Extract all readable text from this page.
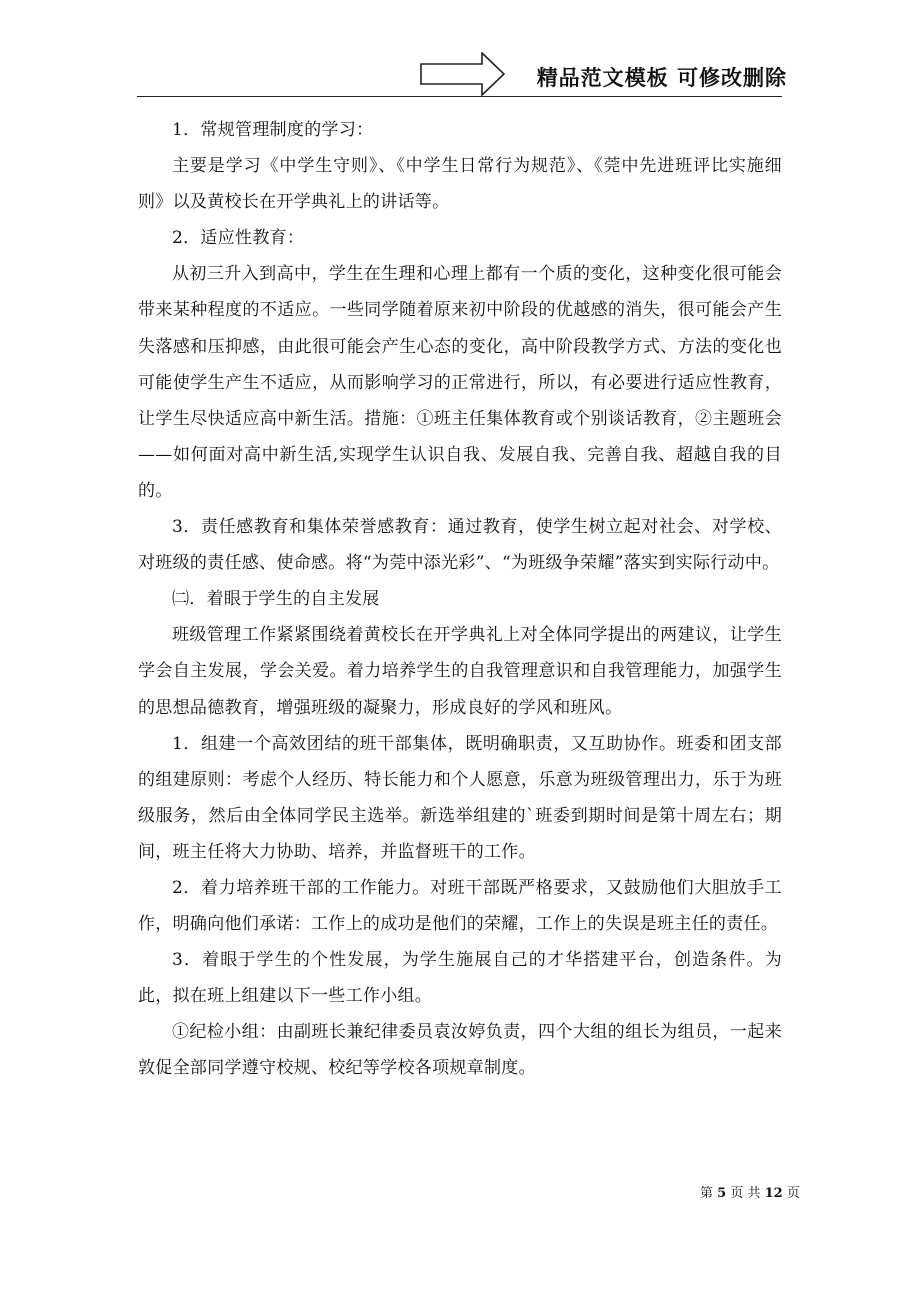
精品范文模板 可修改删除

1．常规管理制度的学习：

主要是学习《中学生守则》、《中学生日常行为规范》、《莞中先进班评比实施细则》以及黄校长在开学典礼上的讲话等。

2．适应性教育：

从初三升入到高中，学生在生理和心理上都有一个质的变化，这种变化很可能会带来某种程度的不适应。一些同学随着原来初中阶段的优越感的消失，很可能会产生失落感和压抑感，由此很可能会产生心态的变化，高中阶段教学方式、方法的变化也可能使学生产生不适应，从而影响学习的正常进行，所以，有必要进行适应性教育，让学生尽快适应高中新生活。措施：①班主任集体教育或个别谈话教育，②主题班会——如何面对高中新生活,实现学生认识自我、发展自我、完善自我、超越自我的目的。

3．责任感教育和集体荣誉感教育：通过教育，使学生树立起对社会、对学校、对班级的责任感、使命感。将“为莞中添光彩”、“为班级争荣耀”落实到实际行动中。

㈡．着眼于学生的自主发展

班级管理工作紧紧围绕着黄校长在开学典礼上对全体同学提出的两建议，让学生学会自主发展，学会关爱。着力培养学生的自我管理意识和自我管理能力，加强学生的思想品德教育，增强班级的凝聚力，形成良好的学风和班风。

1．组建一个高效团结的班干部集体，既明确职责，又互助协作。班委和团支部的组建原则：考虑个人经历、特长能力和个人愿意，乐意为班级管理出力，乐于为班级服务，然后由全体同学民主选举。新选举组建的`班委到期时间是第十周左右；期间，班主任将大力协助、培养，并监督班干的工作。

2．着力培养班干部的工作能力。对班干部既严格要求，又鼓励他们大胆放手工作，明确向他们承诺：工作上的成功是他们的荣耀，工作上的失误是班主任的责任。

3．着眼于学生的个性发展，为学生施展自己的才华搭建平台，创造条件。为此，拟在班上组建以下一些工作小组。

①纪检小组：由副班长兼纪律委员袁汝婷负责，四个大组的组长为组员，一起来敦促全部同学遵守校规、校纪等学校各项规章制度。

第 5 页 共 12 页
